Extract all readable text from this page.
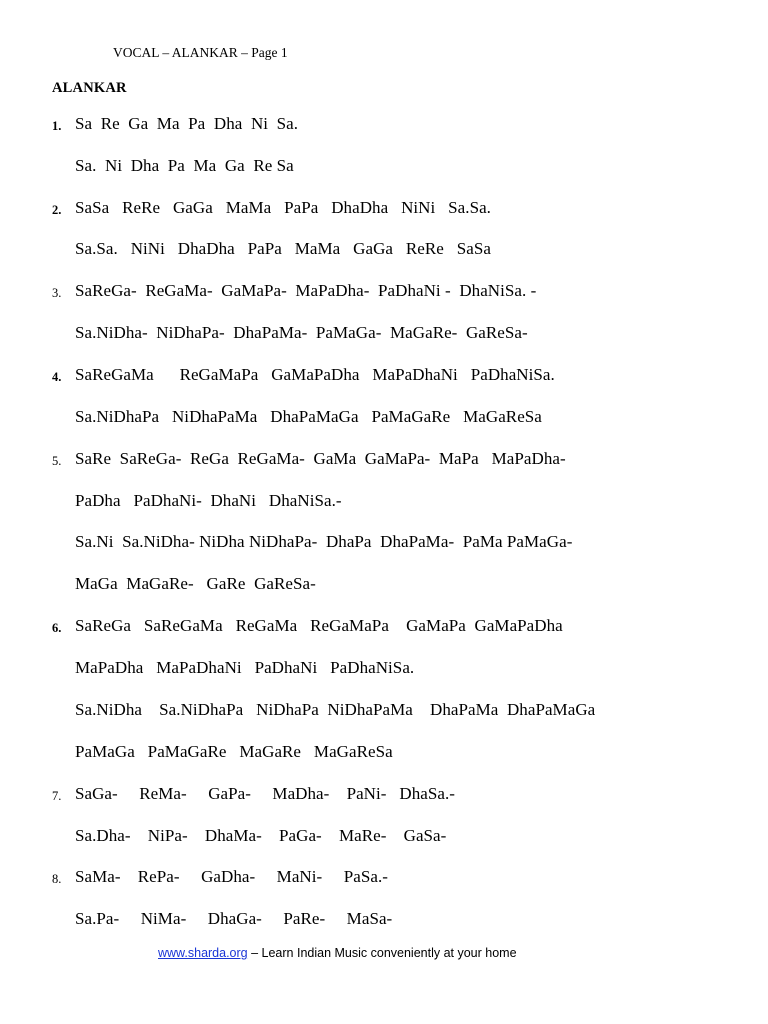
VOCAL – ALANKAR – Page 1
ALANKAR
1. Sa  Re  Ga  Ma  Pa  Dha  Ni  Sa.
Sa.  Ni  Dha  Pa  Ma  Ga  Re Sa
2. SaSa   ReRe   GaGa   MaMa   PaPa   DhaDha   NiNi   Sa.Sa.
Sa.Sa.   NiNi   DhaDha   PaPa   MaMa   GaGa   ReRe   SaSa
3. SaReGa-  ReGaMa-  GaMaPa-  MaPaDha-  PaDhaNi -  DhaNiSa. -
Sa.NiDha-  NiDhaPa-  DhaPaMa-  PaMaGa-  MaGaRe-  GaReSa-
4. SaReGaMa      ReGaMaPa   GaMaPaDha   MaPaDhaNi   PaDhaNiSa.
Sa.NiDhaPa   NiDhaPaMa   DhaPaMaGa   PaMaGaRe   MaGaReSa
5. SaRe  SaReGa-  ReGa  ReGaMa-  GaMa  GaMaPa-  MaPa   MaPaDha-
PaDha   PaDhaNi-  DhaNi   DhaNiSa.-
Sa.Ni  Sa.NiDha- NiDha NiDhaPa-  DhaPa  DhaPaMa-  PaMa PaMaGa-
MaGa  MaGaRe-   GaRe  GaReSa-
6. SaReGa   SaReGaMa   ReGaMa   ReGaMaPa    GaMaPa  GaMaPaDha
MaPaDha   MaPaDhaNi   PaDhaNi   PaDhaNiSa.
Sa.NiDha    Sa.NiDhaPa   NiDhaPa  NiDhaPaMa    DhaPaMa  DhaPaMaGa
PaMaGa   PaMaGaRe   MaGaRe   MaGaReSa
7. SaGa-     ReMa-     GaPa-     MaDha-    PaNi-   DhaSa.-
Sa.Dha-    NiPa-    DhaMa-    PaGa-    MaRe-    GaSa-
8. SaMa-    RePa-     GaDha-     MaNi-     PaSa.-
Sa.Pa-     NiMa-     DhaGa-     PaRe-     MaSa-
www.sharda.org – Learn Indian Music conveniently at your home
